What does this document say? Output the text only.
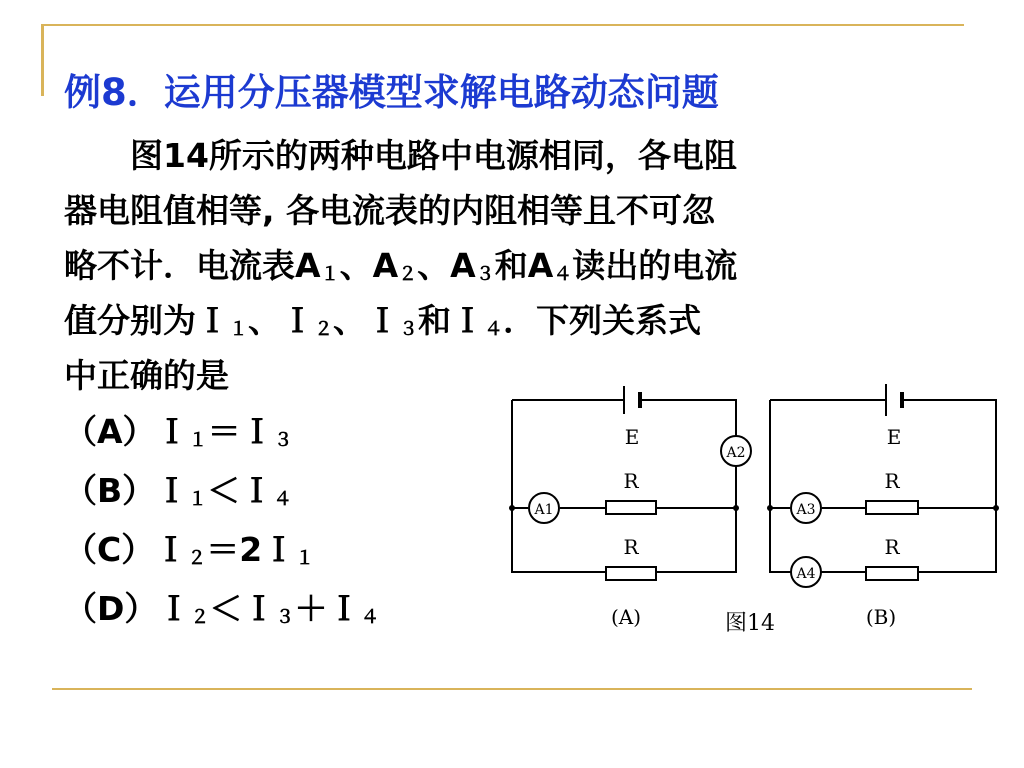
例8．运用分压器模型求解电路动态问题
　　图14所示的两种电路中电源相同，各电阻
器电阻值相等, 各电流表的内阻相等且不可忽
略不计．电流表A１、A２、A３和A４读出的电流
值分别为Ｉ１、Ｉ２、Ｉ３和Ｉ４．下列关系式
中正确的是
（A）Ｉ１＝Ｉ３
（B）Ｉ１＜Ｉ４
（C）Ｉ２＝2Ｉ１
（D）Ｉ２＜Ｉ３＋Ｉ４
E
R
R
A1
A2
(A)
E
R
R
A3
A4
(B)
图14
